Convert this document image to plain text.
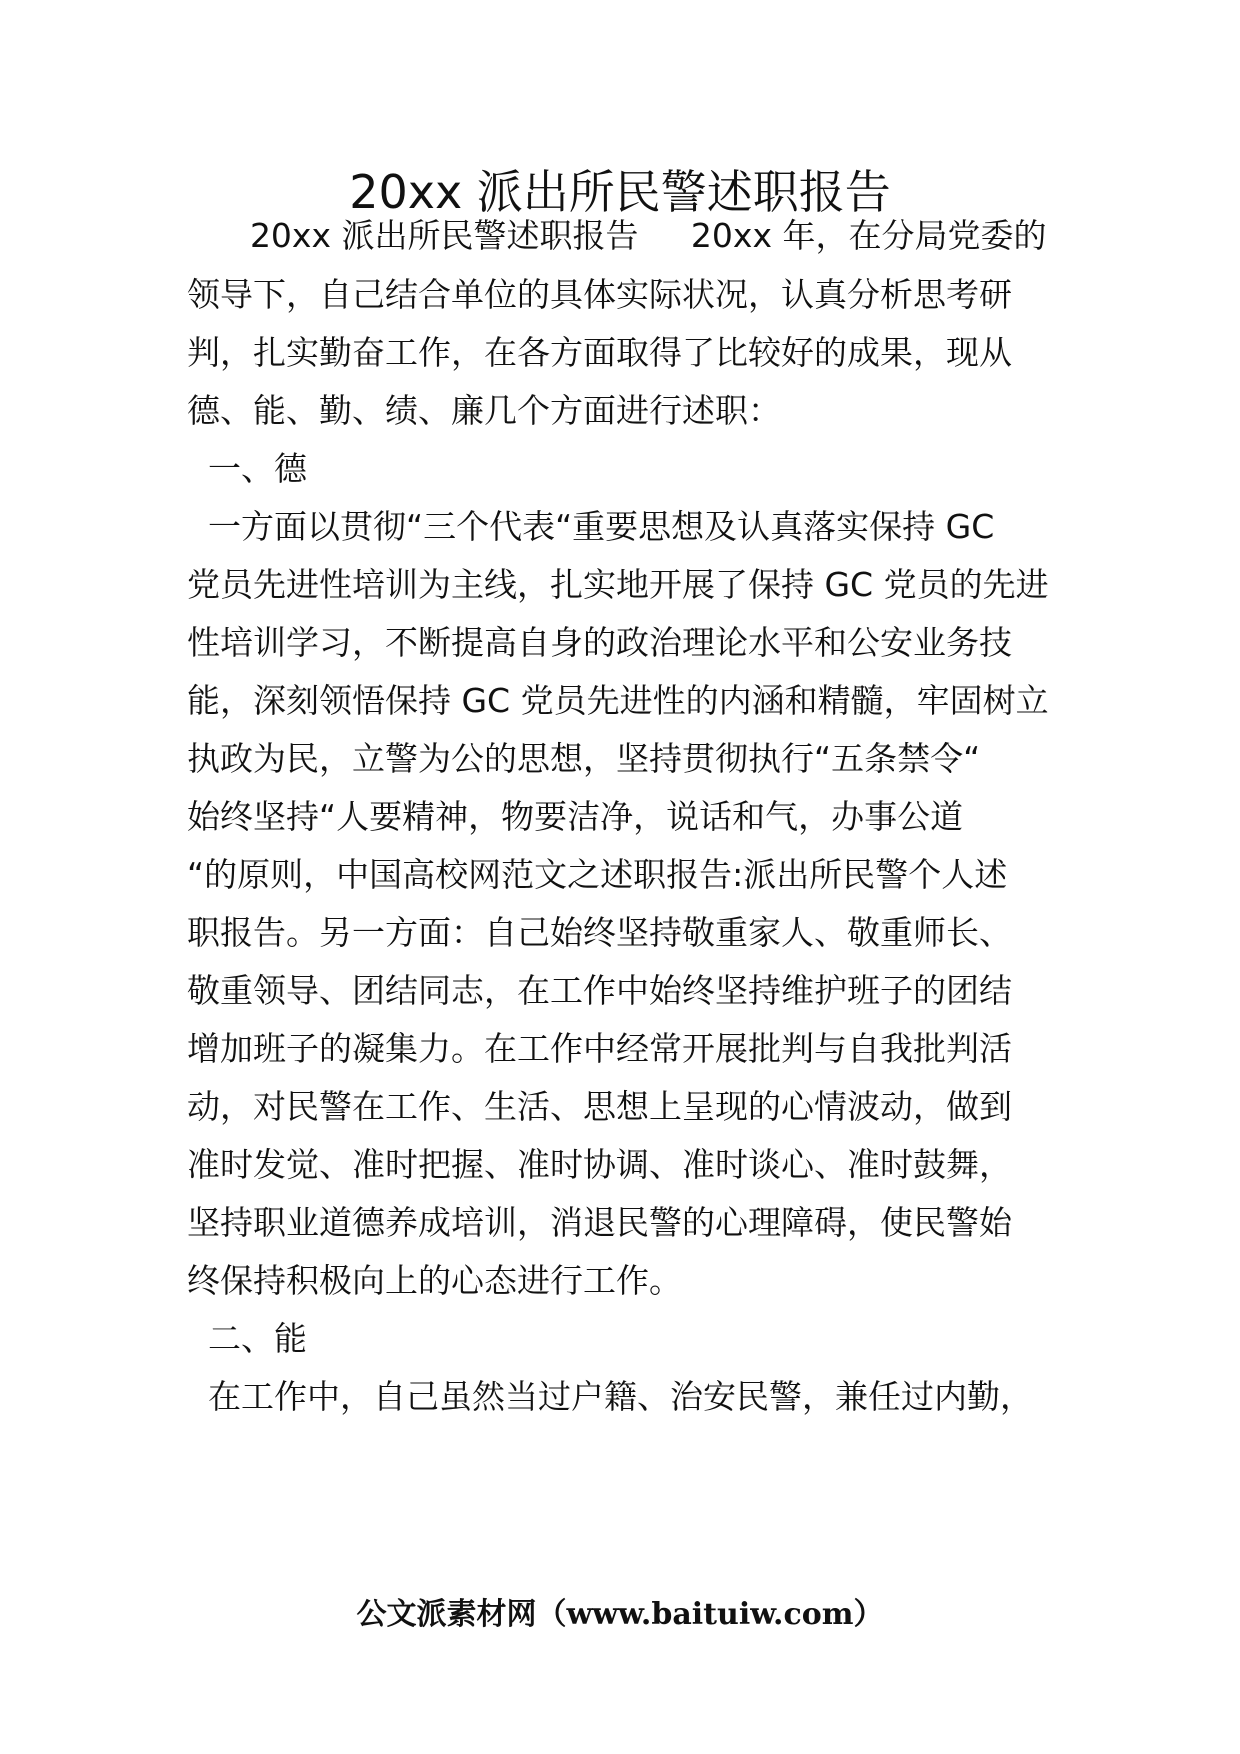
20xx 派出所民警述职报告
20xx 派出所民警述职报告     20xx 年，在分局党委的
领导下，自己结合单位的具体实际状况，认真分析思考研
判，扎实勤奋工作，在各方面取得了比较好的成果，现从
德、能、勤、绩、廉几个方面进行述职：
一、德
一方面以贯彻“三个代表“重要思想及认真落实保持 GC
党员先进性培训为主线，扎实地开展了保持 GC 党员的先进
性培训学习，不断提高自身的政治理论水平和公安业务技
能，深刻领悟保持 GC 党员先进性的内涵和精髓，牢固树立
执政为民，立警为公的思想，坚持贯彻执行“五条禁令“
始终坚持“人要精神，物要洁净，说话和气，办事公道
“的原则，中国高校网范文之述职报告:派出所民警个人述
职报告。另一方面：自己始终坚持敬重家人、敬重师长、
敬重领导、团结同志，在工作中始终坚持维护班子的团结
增加班子的凝集力。在工作中经常开展批判与自我批判活
动，对民警在工作、生活、思想上呈现的心情波动，做到
准时发觉、准时把握、准时协调、准时谈心、准时鼓舞，
坚持职业道德养成培训，消退民警的心理障碍，使民警始
终保持积极向上的心态进行工作。
二、能
在工作中，自己虽然当过户籍、治安民警，兼任过内勤，
公文派素材网（www.baituiw.com）
